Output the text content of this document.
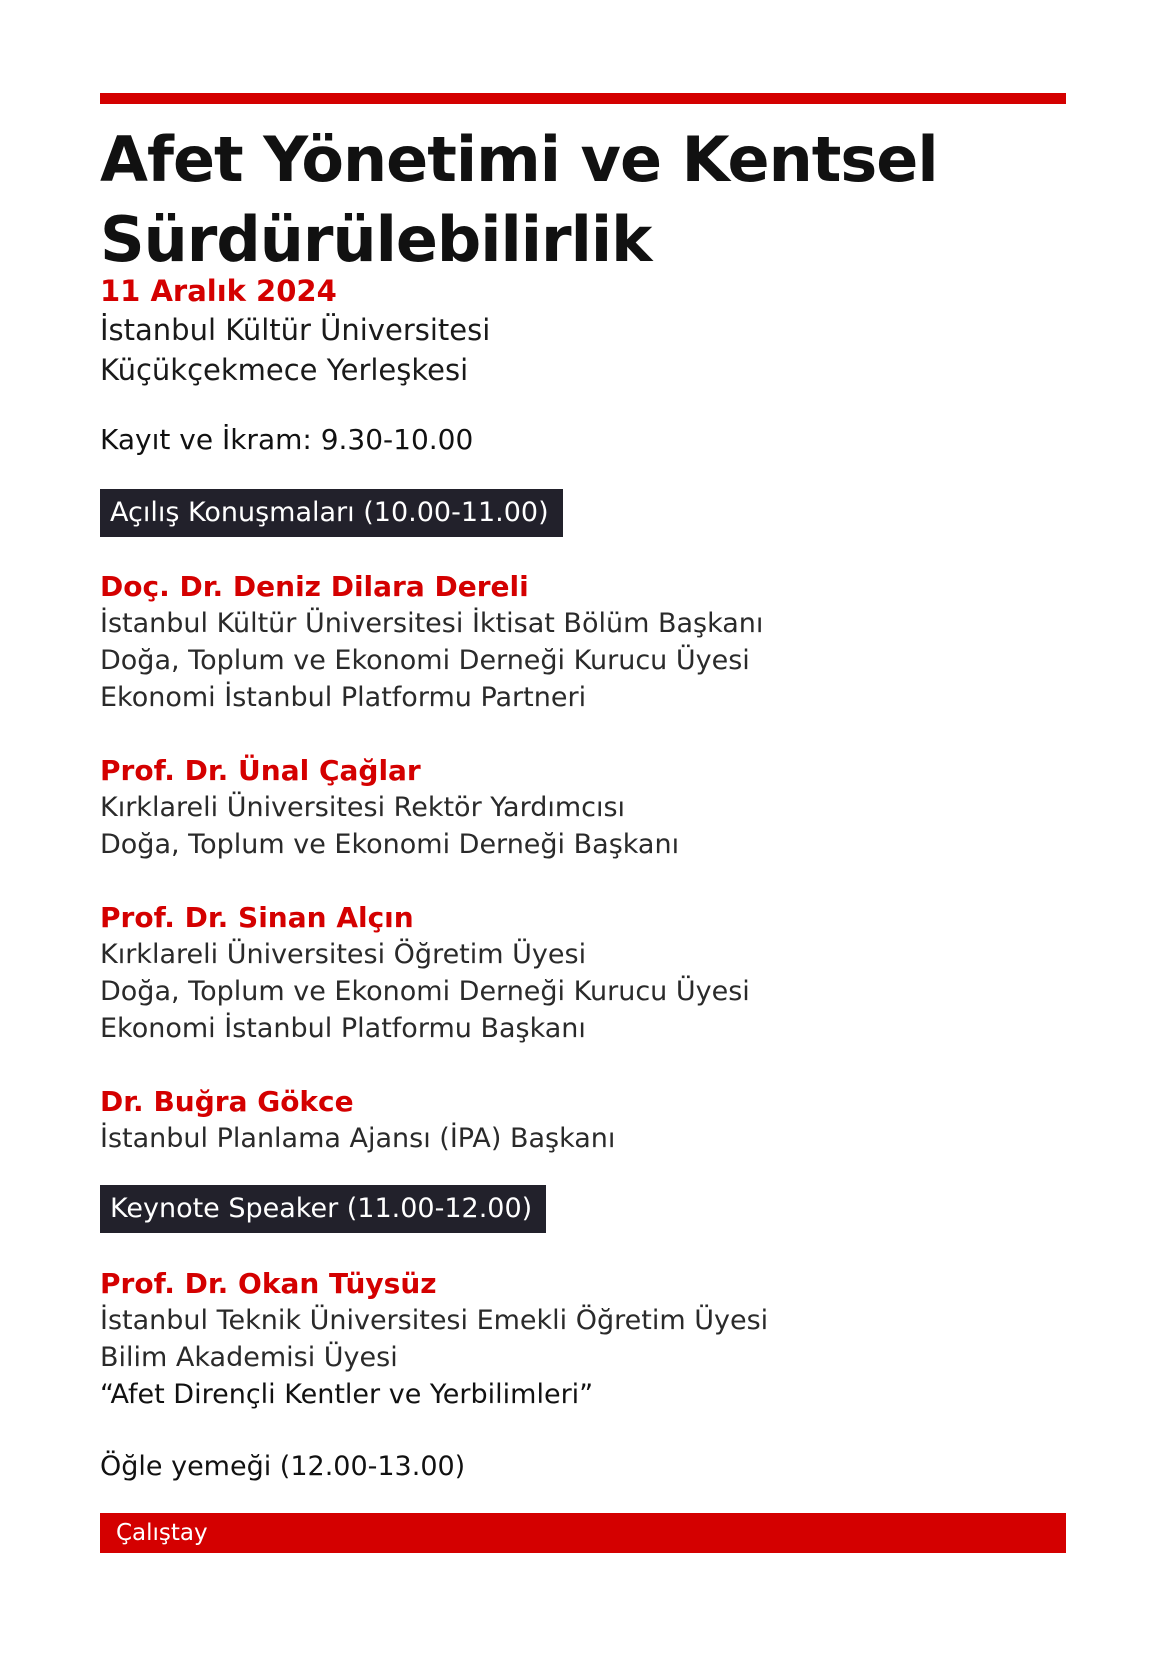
Afet Yönetimi ve Kentsel
Sürdürülebilirlik
11 Aralık 2024
İstanbul Kültür Üniversitesi
Küçükçekmece Yerleşkesi
Kayıt ve İkram: 9.30-10.00
Açılış Konuşmaları (10.00-11.00)
Doç. Dr. Deniz Dilara Dereli
İstanbul Kültür Üniversitesi İktisat Bölüm Başkanı
Doğa, Toplum ve Ekonomi Derneği Kurucu Üyesi
Ekonomi İstanbul Platformu Partneri
Prof. Dr. Ünal Çağlar
Kırklareli Üniversitesi Rektör Yardımcısı
Doğa, Toplum ve Ekonomi Derneği Başkanı
Prof. Dr. Sinan Alçın
Kırklareli Üniversitesi Öğretim Üyesi
Doğa, Toplum ve Ekonomi Derneği Kurucu Üyesi
Ekonomi İstanbul Platformu Başkanı
Dr. Buğra Gökce
İstanbul Planlama Ajansı (İPA) Başkanı
Keynote Speaker (11.00-12.00)
Prof. Dr. Okan Tüysüz
İstanbul Teknik Üniversitesi Emekli Öğretim Üyesi
Bilim Akademisi Üyesi
“Afet Dirençli Kentler ve Yerbilimleri”
Öğle yemeği (12.00-13.00)
Çalıştay
